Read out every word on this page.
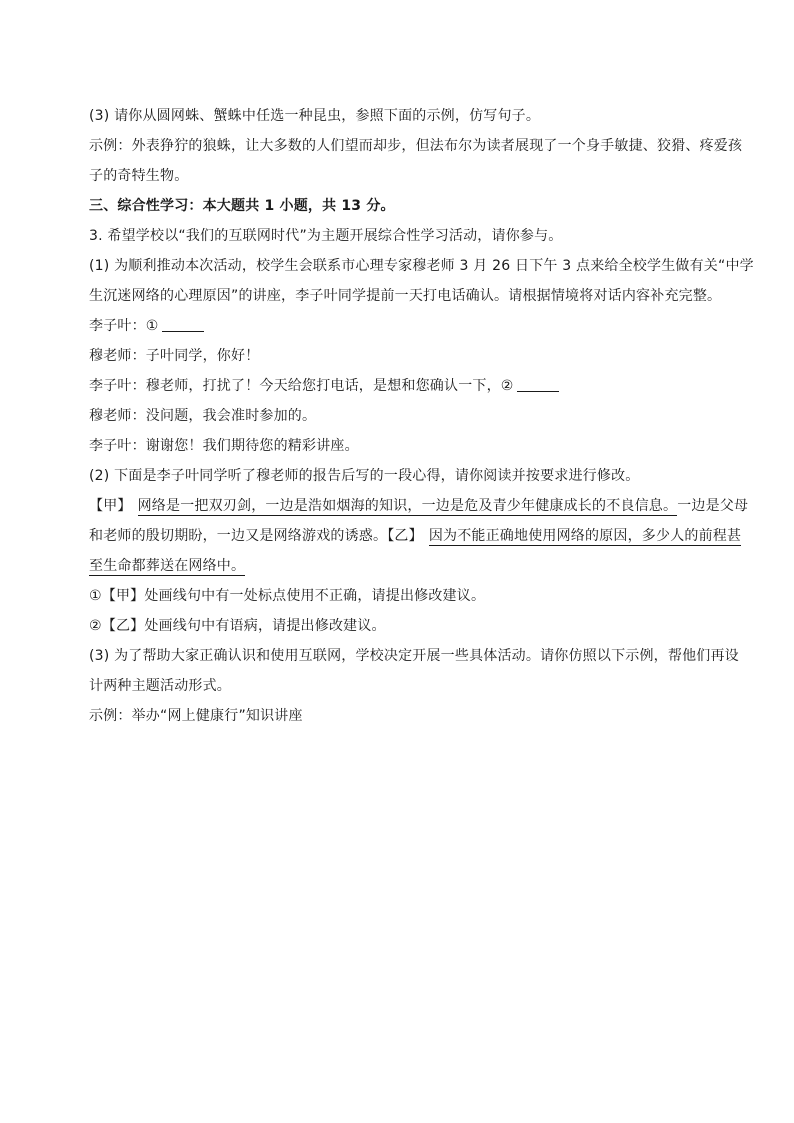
(3) 请你从圆网蛛、蟹蛛中任选一种昆虫，参照下面的示例，仿写句子。
示例：外表狰狞的狼蛛，让大多数的人们望而却步，但法布尔为读者展现了一个身手敏捷、狡猾、疼爱孩
子的奇特生物。
三、综合性学习：本大题共 1 小题，共 13 分。
3. 希望学校以“我们的互联网时代”为主题开展综合性学习活动，请你参与。
(1) 为顺利推动本次活动，校学生会联系市心理专家穆老师 3 月 26 日下午 3 点来给全校学生做有关“中学
生沉迷网络的心理原因”的讲座，李子叶同学提前一天打电话确认。请根据情境将对话内容补充完整。
李子叶：①
穆老师：子叶同学，你好！
李子叶：穆老师，打扰了！今天给您打电话，是想和您确认一下，②
穆老师：没问题，我会准时参加的。
李子叶：谢谢您！我们期待您的精彩讲座。
(2) 下面是李子叶同学听了穆老师的报告后写的一段心得，请你阅读并按要求进行修改。
【甲】 网络是一把双刃剑，一边是浩如烟海的知识，一边是危及青少年健康成长的不良信息。一边是父母
和老师的殷切期盼，一边又是网络游戏的诱惑。【乙】 因为不能正确地使用网络的原因，多少人的前程甚
至生命都葬送在网络中。
①【甲】处画线句中有一处标点使用不正确，请提出修改建议。
②【乙】处画线句中有语病，请提出修改建议。
(3) 为了帮助大家正确认识和使用互联网，学校决定开展一些具体活动。请你仿照以下示例，帮他们再设
计两种主题活动形式。
示例：举办“网上健康行”知识讲座
